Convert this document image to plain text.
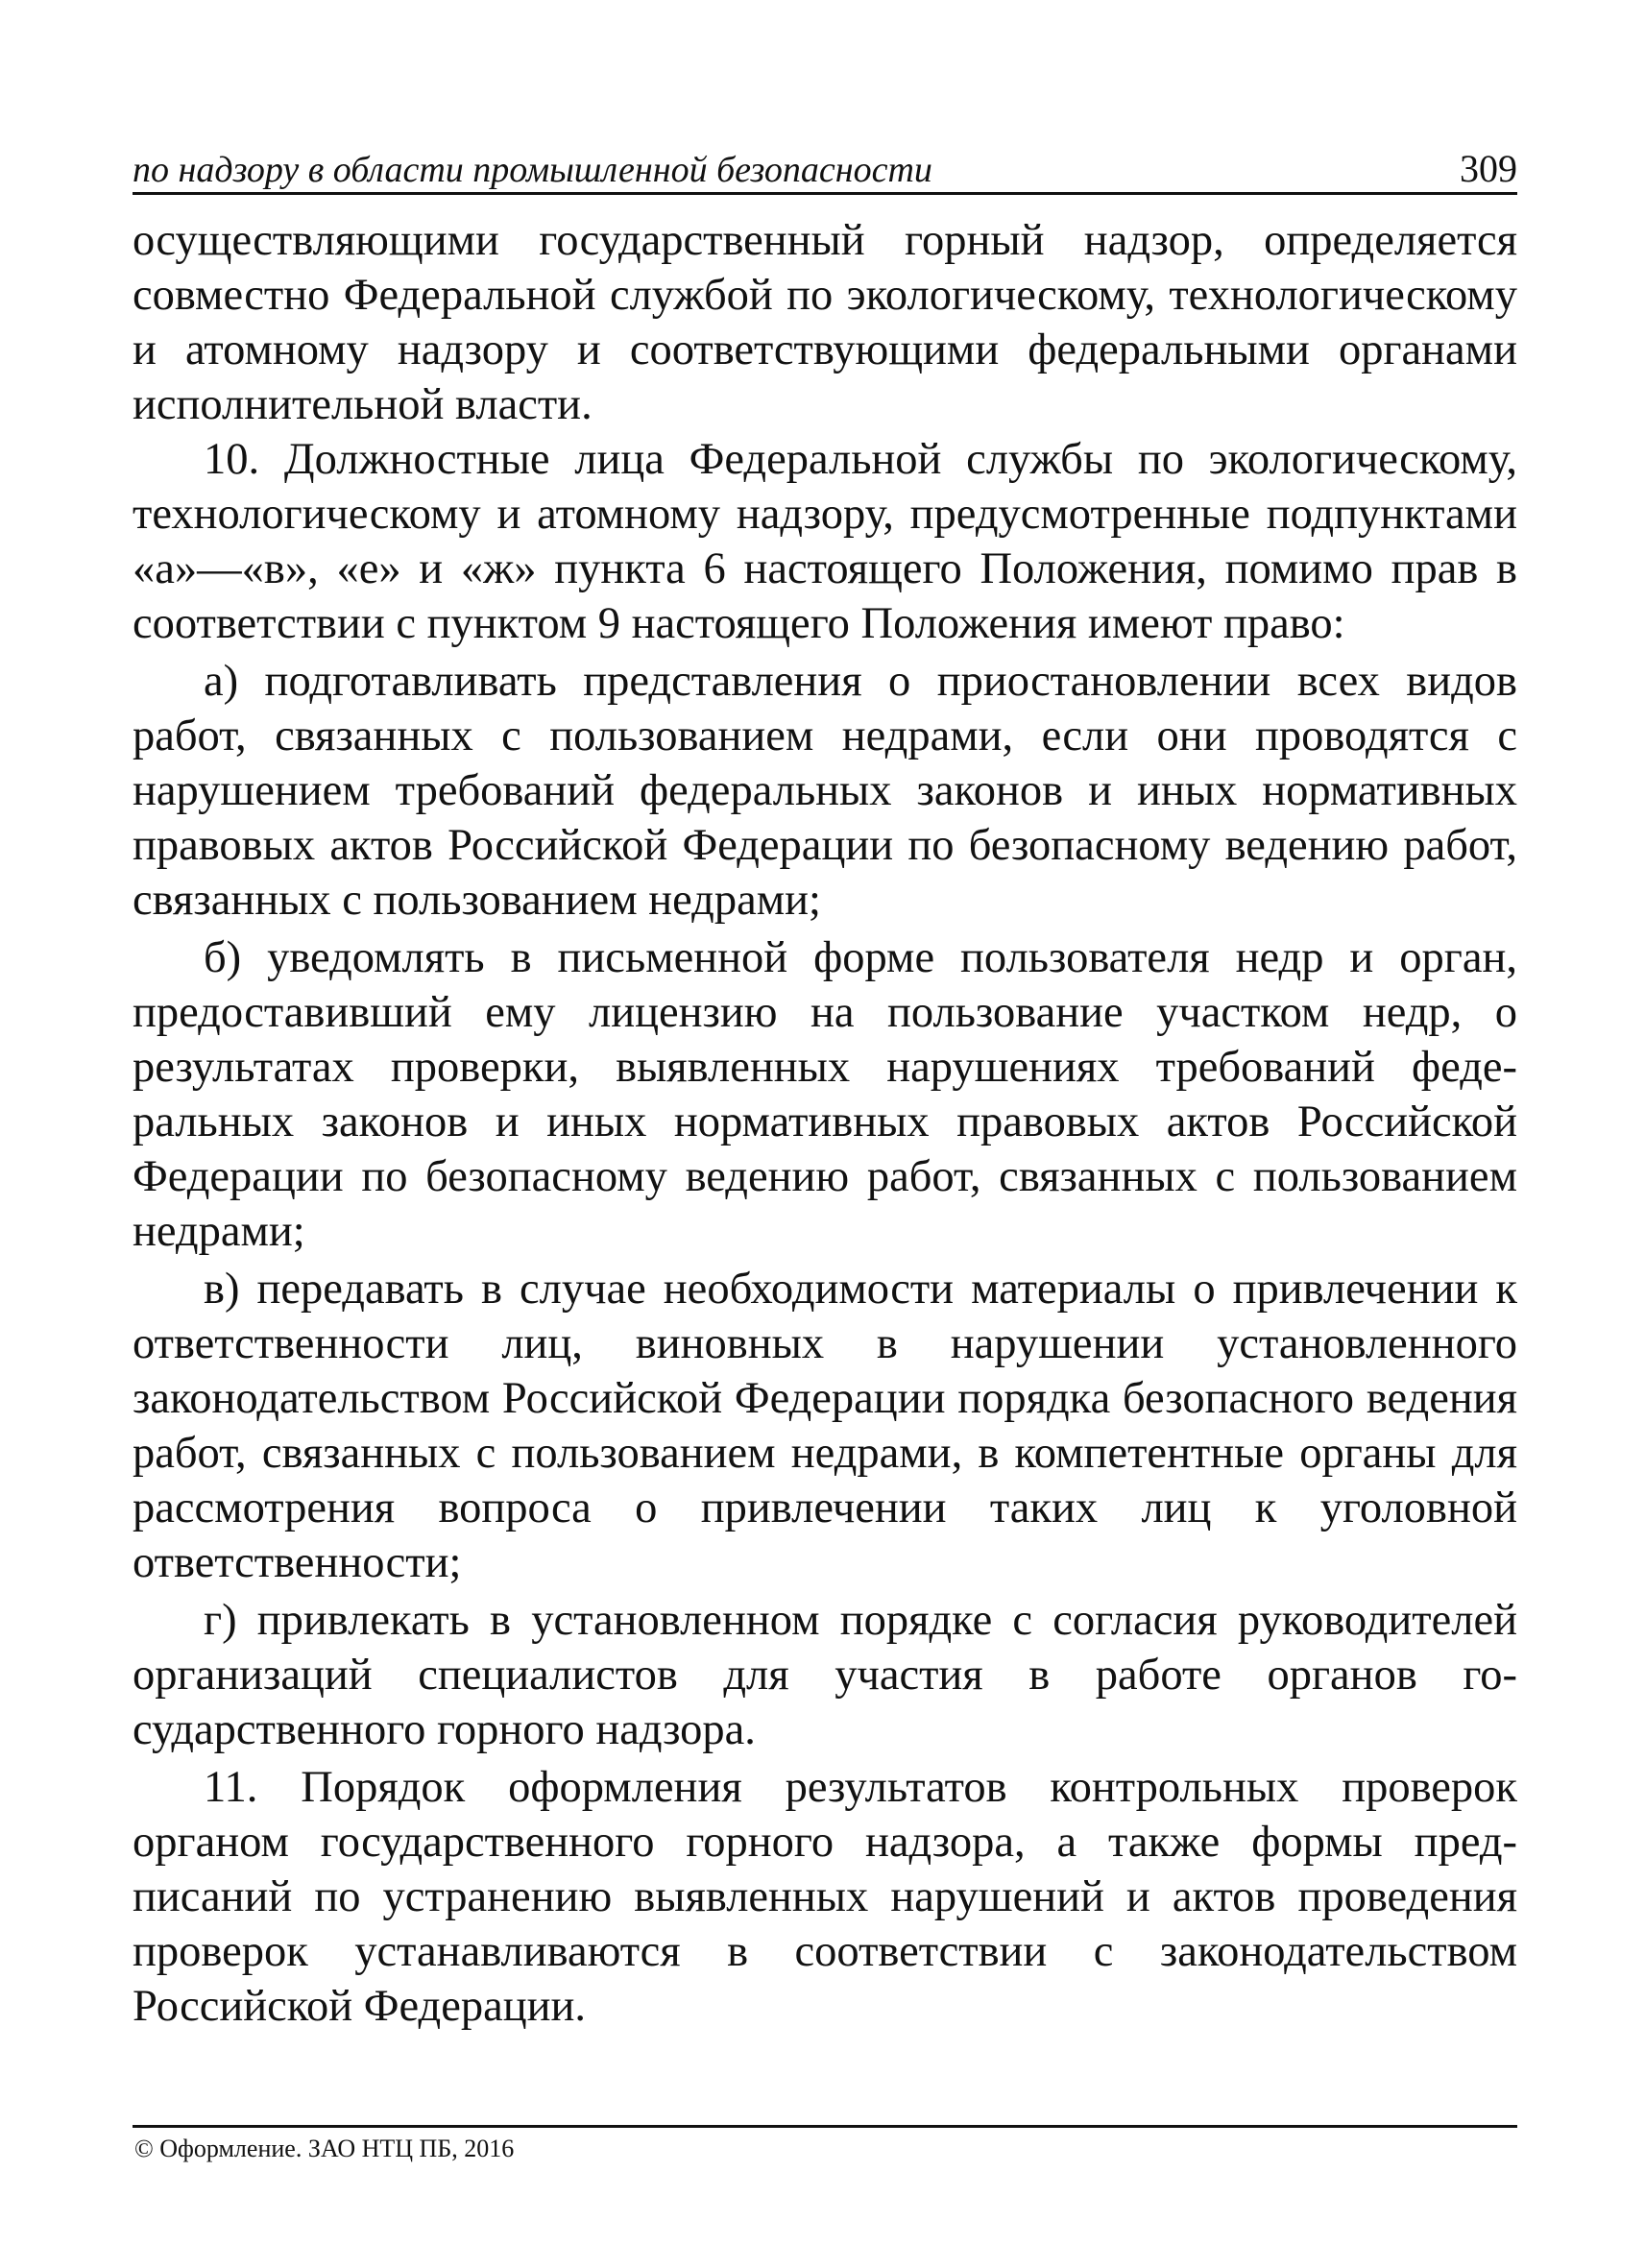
по надзору в области промышленной безопасности	309

осуществляющими государственный горный надзор, определяется совместно Федеральной службой по экологическому, технологическому и атомному надзору и соответствующими федеральными органами исполнительной власти.

10. Должностные лица Федеральной службы по экологическому, технологическому и атомному надзору, предусмотренные подпунктами «а»—«в», «е» и «ж» пункта 6 настоящего Положения, помимо прав в соответствии с пунктом 9 настоящего Положения имеют право:

а) подготавливать представления о приостановлении всех видов работ, связанных с пользованием недрами, если они проводятся с нарушением требований федеральных законов и иных нормативных правовых актов Российской Федерации по безопасному ведению работ, связанных с пользованием недрами;

б) уведомлять в письменной форме пользователя недр и орган, предоставивший ему лицензию на пользование участком недр, о результатах проверки, выявленных нарушениях требований федеральных законов и иных нормативных правовых актов Российской Федерации по безопасному ведению работ, связанных с пользованием недрами;

в) передавать в случае необходимости материалы о привлечении к ответственности лиц, виновных в нарушении установленного законодательством Российской Федерации порядка безопасного ведения работ, связанных с пользованием недрами, в компетентные органы для рассмотрения вопроса о привлечении таких лиц к уголовной ответственности;

г) привлекать в установленном порядке с согласия руководителей организаций специалистов для участия в работе органов государственного горного надзора.

11. Порядок оформления результатов контрольных проверок органом государственного горного надзора, а также формы предписаний по устранению выявленных нарушений и актов проведения проверок устанавливаются в соответствии с законодательством Российской Федерации.

© Оформление. ЗАО НТЦ ПБ, 2016
